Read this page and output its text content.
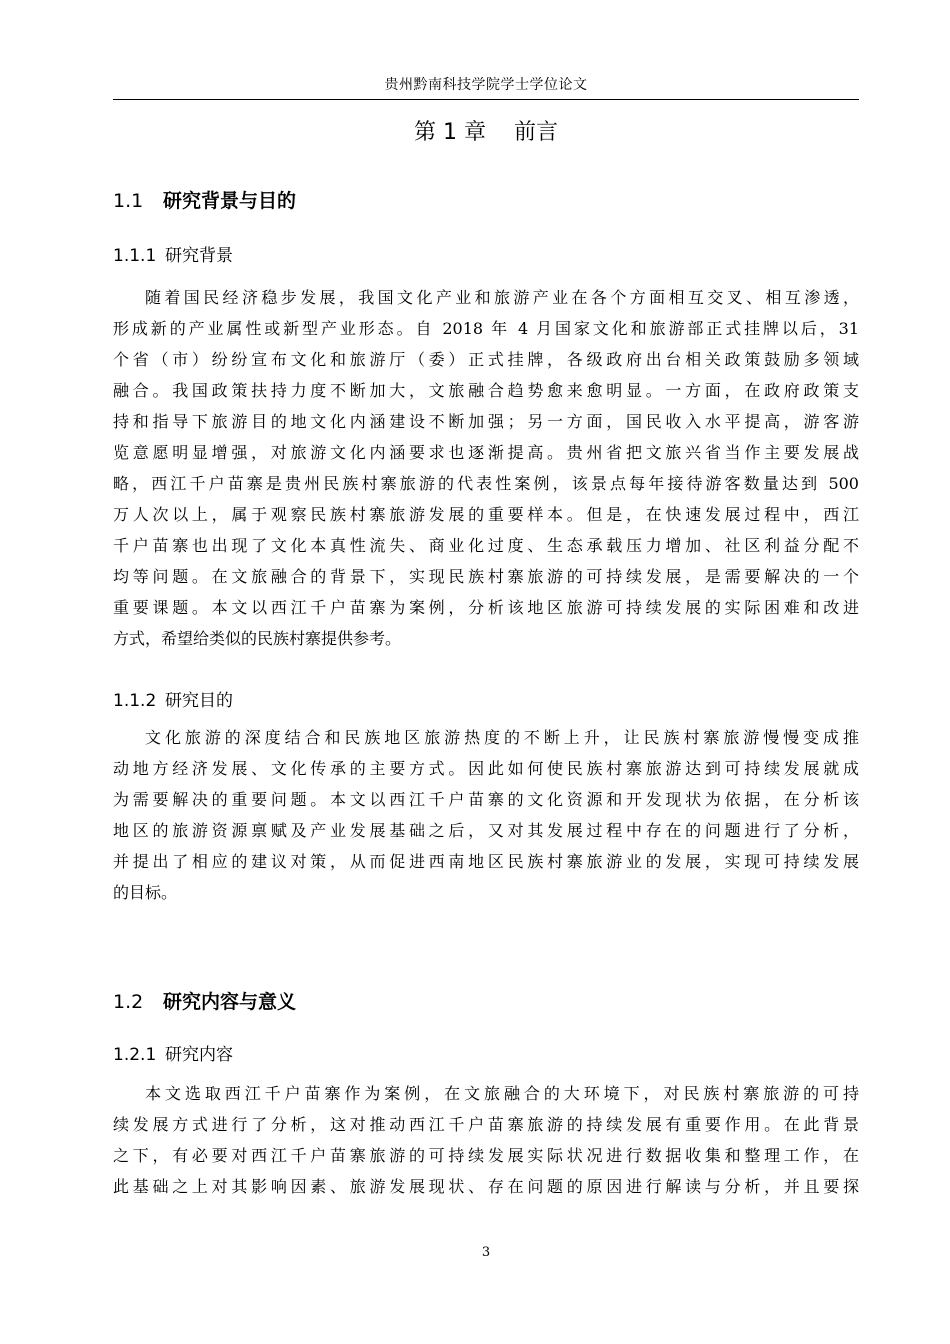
贵州黔南科技学院学士学位论文
第 1 章    前言
1.1 研究背景与目的
1.1.1 研究背景
随着国民经济稳步发展，我国文化产业和旅游产业在各个方面相互交叉、相互渗透，
形成新的产业属性或新型产业形态。自 2018 年 4 月国家文化和旅游部正式挂牌以后，31
个省（市）纷纷宣布文化和旅游厅（委）正式挂牌，各级政府出台相关政策鼓励多领域
融合。我国政策扶持力度不断加大，文旅融合趋势愈来愈明显。一方面，在政府政策支
持和指导下旅游目的地文化内涵建设不断加强；另一方面，国民收入水平提高，游客游
览意愿明显增强，对旅游文化内涵要求也逐渐提高。贵州省把文旅兴省当作主要发展战
略，西江千户苗寨是贵州民族村寨旅游的代表性案例，该景点每年接待游客数量达到 500
万人次以上，属于观察民族村寨旅游发展的重要样本。但是，在快速发展过程中，西江
千户苗寨也出现了文化本真性流失、商业化过度、生态承载压力增加、社区利益分配不
均等问题。在文旅融合的背景下，实现民族村寨旅游的可持续发展，是需要解决的一个
重要课题。本文以西江千户苗寨为案例，分析该地区旅游可持续发展的实际困难和改进
方式，希望给类似的民族村寨提供参考。
1.1.2 研究目的
文化旅游的深度结合和民族地区旅游热度的不断上升，让民族村寨旅游慢慢变成推
动地方经济发展、文化传承的主要方式。因此如何使民族村寨旅游达到可持续发展就成
为需要解决的重要问题。本文以西江千户苗寨的文化资源和开发现状为依据，在分析该
地区的旅游资源禀赋及产业发展基础之后，又对其发展过程中存在的问题进行了分析，
并提出了相应的建议对策，从而促进西南地区民族村寨旅游业的发展，实现可持续发展
的目标。
1.2 研究内容与意义
1.2.1 研究内容
本文选取西江千户苗寨作为案例，在文旅融合的大环境下，对民族村寨旅游的可持
续发展方式进行了分析，这对推动西江千户苗寨旅游的持续发展有重要作用。在此背景
之下，有必要对西江千户苗寨旅游的可持续发展实际状况进行数据收集和整理工作，在
此基础之上对其影响因素、旅游发展现状、存在问题的原因进行解读与分析，并且要探
3
